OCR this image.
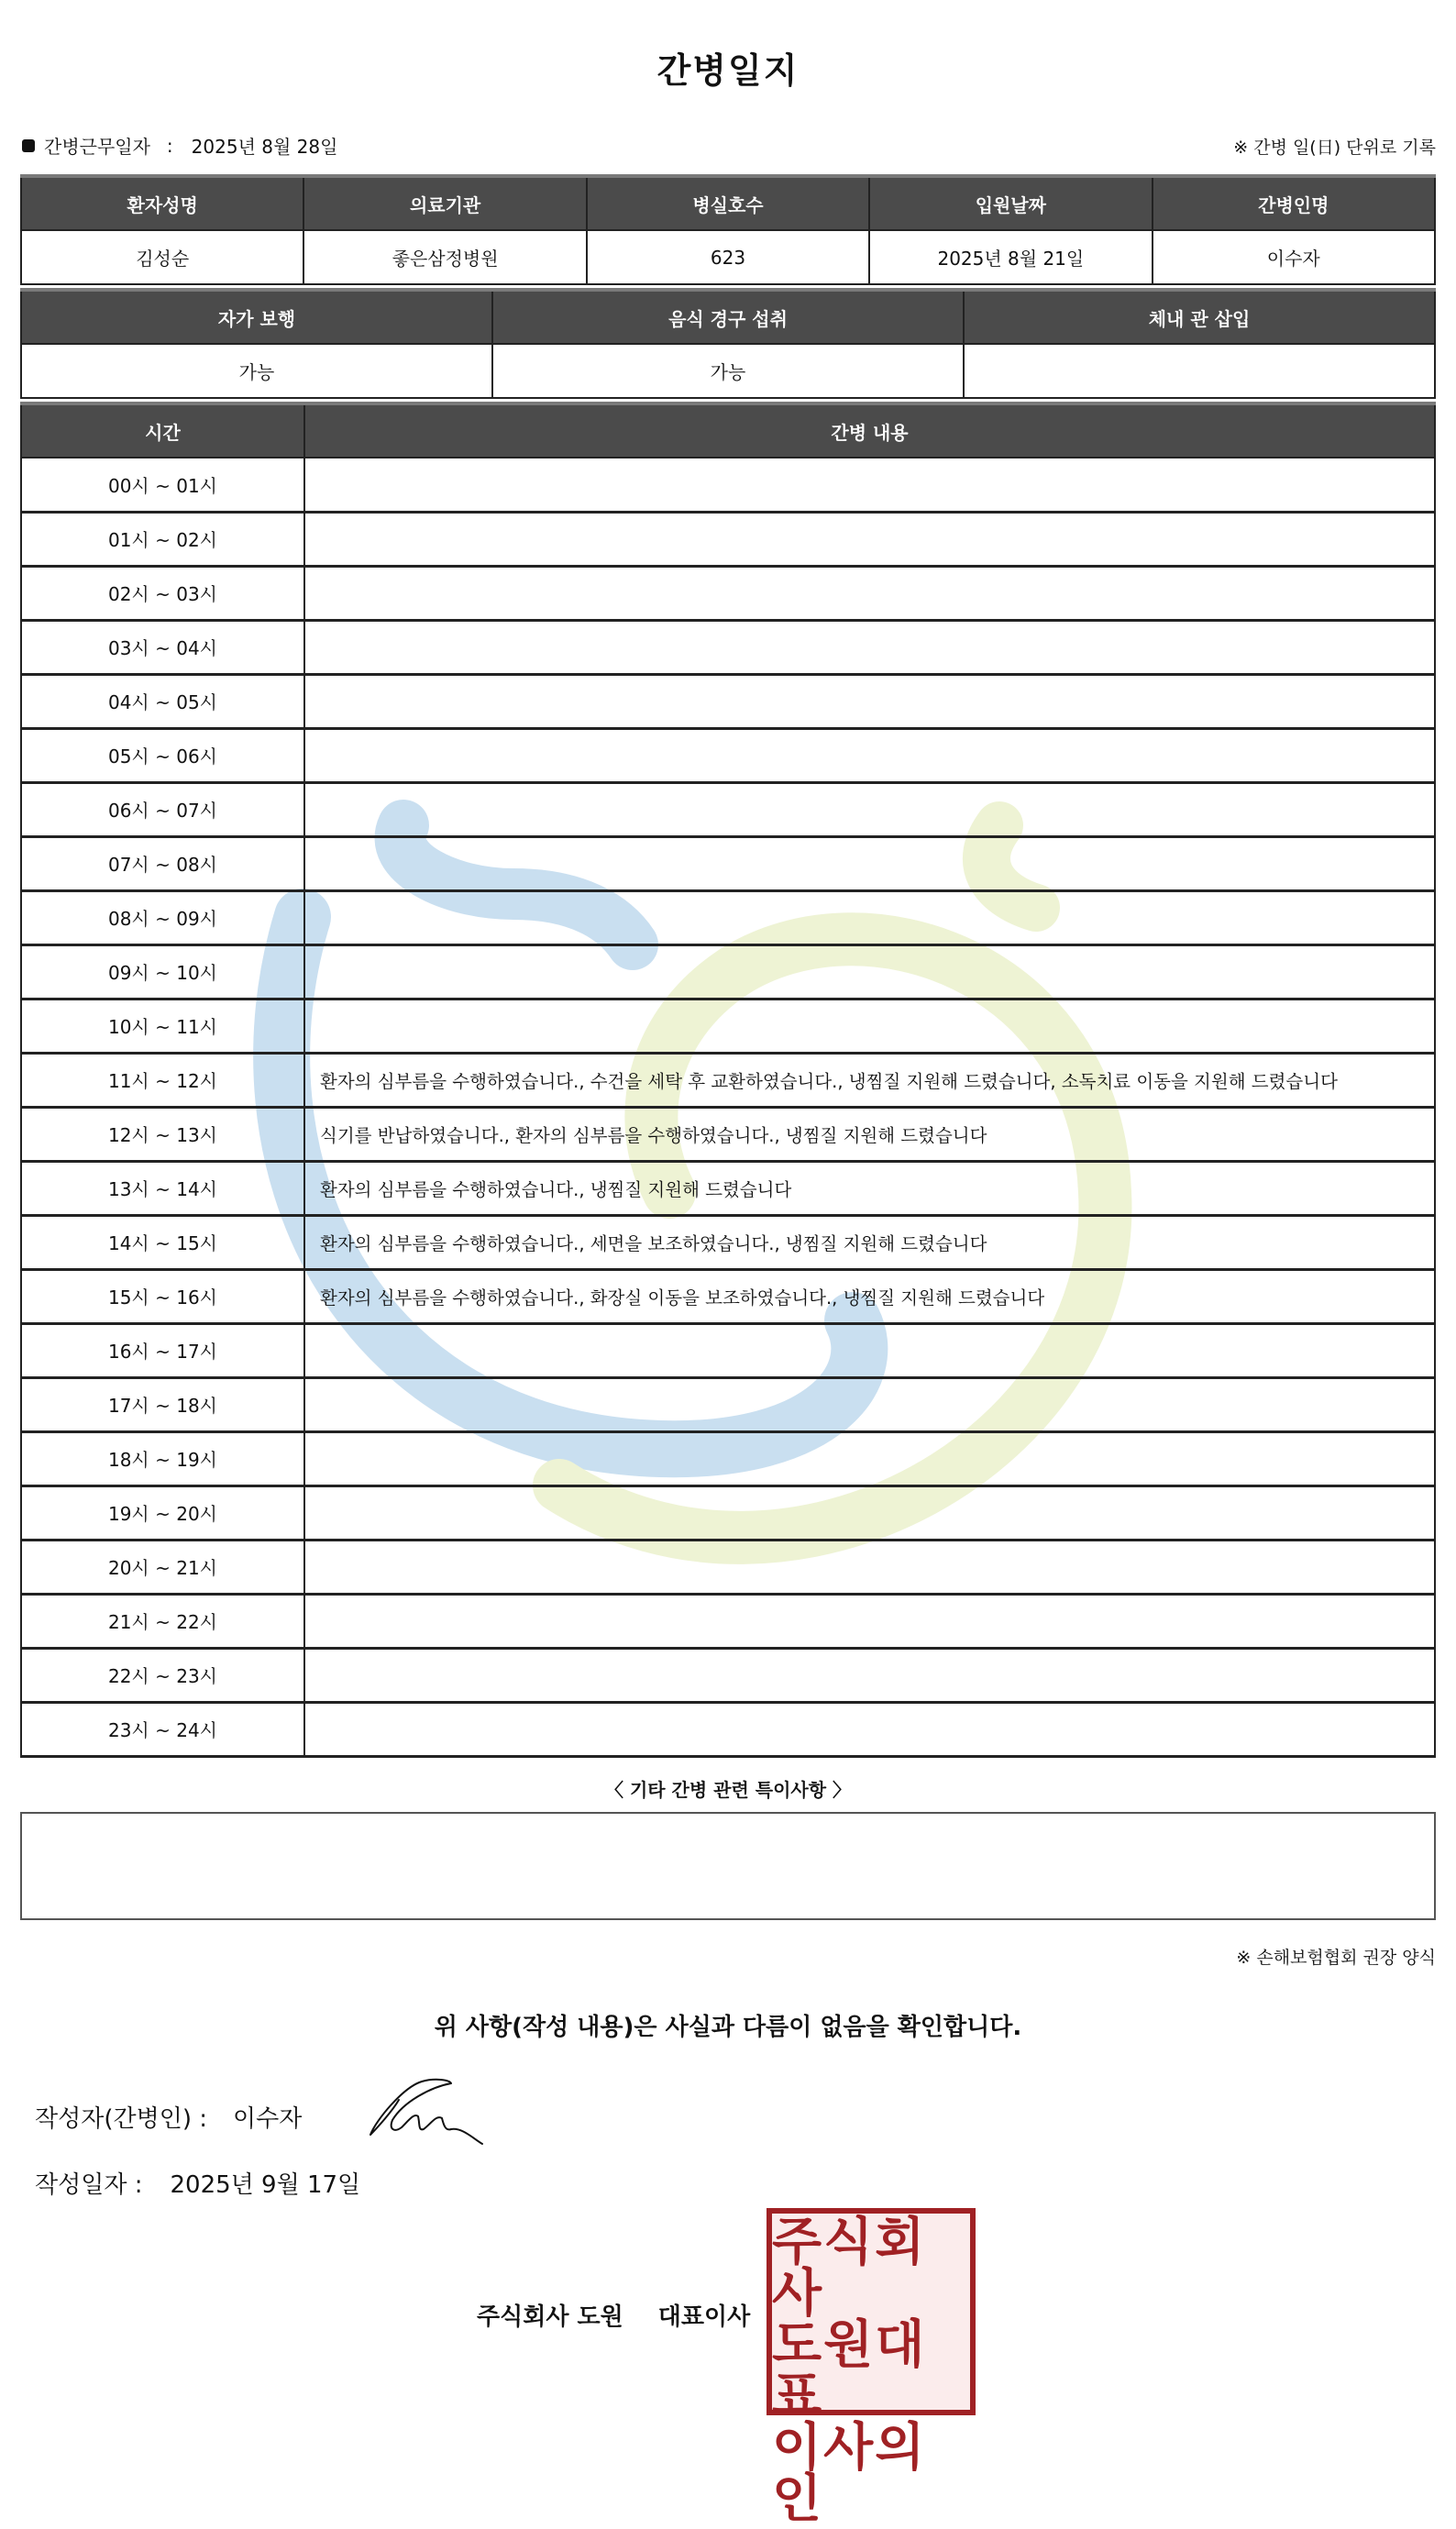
간병일지
간병근무일자 : 2025년 8월 28일	※ 간병 일(日) 단위로 기록
환자성명	의료기관	병실호수	입원날짜	간병인명
김성순	좋은삼정병원	623	2025년 8월 21일	이수자
자가 보행	음식 경구 섭취	체내 관 삽입
가능	가능	
시간	간병 내용
00시 ~ 01시	
01시 ~ 02시	
02시 ~ 03시	
03시 ~ 04시	
04시 ~ 05시	
05시 ~ 06시	
06시 ~ 07시	
07시 ~ 08시	
08시 ~ 09시	
09시 ~ 10시	
10시 ~ 11시	
11시 ~ 12시	환자의 심부름을 수행하였습니다., 수건을 세탁 후 교환하였습니다., 냉찜질 지원해 드렸습니다, 소독치료 이동을 지원해 드렸습니다
12시 ~ 13시	식기를 반납하였습니다., 환자의 심부름을 수행하였습니다., 냉찜질 지원해 드렸습니다
13시 ~ 14시	환자의 심부름을 수행하였습니다., 냉찜질 지원해 드렸습니다
14시 ~ 15시	환자의 심부름을 수행하였습니다., 세면을 보조하였습니다., 냉찜질 지원해 드렸습니다
15시 ~ 16시	환자의 심부름을 수행하였습니다., 화장실 이동을 보조하였습니다., 냉찜질 지원해 드렸습니다
16시 ~ 17시	
17시 ~ 18시	
18시 ~ 19시	
19시 ~ 20시	
20시 ~ 21시	
21시 ~ 22시	
22시 ~ 23시	
23시 ~ 24시	
〈 기타 간병 관련 특이사항 〉
※ 손해보험협회 권장 양식
위 사항(작성 내용)은 사실과 다름이 없음을 확인합니다.
작성자(간병인) : 이수자
작성일자 : 2025년 9월 17일
주식회사 도원 대표이사
주식회사
도원대표
이사의인
